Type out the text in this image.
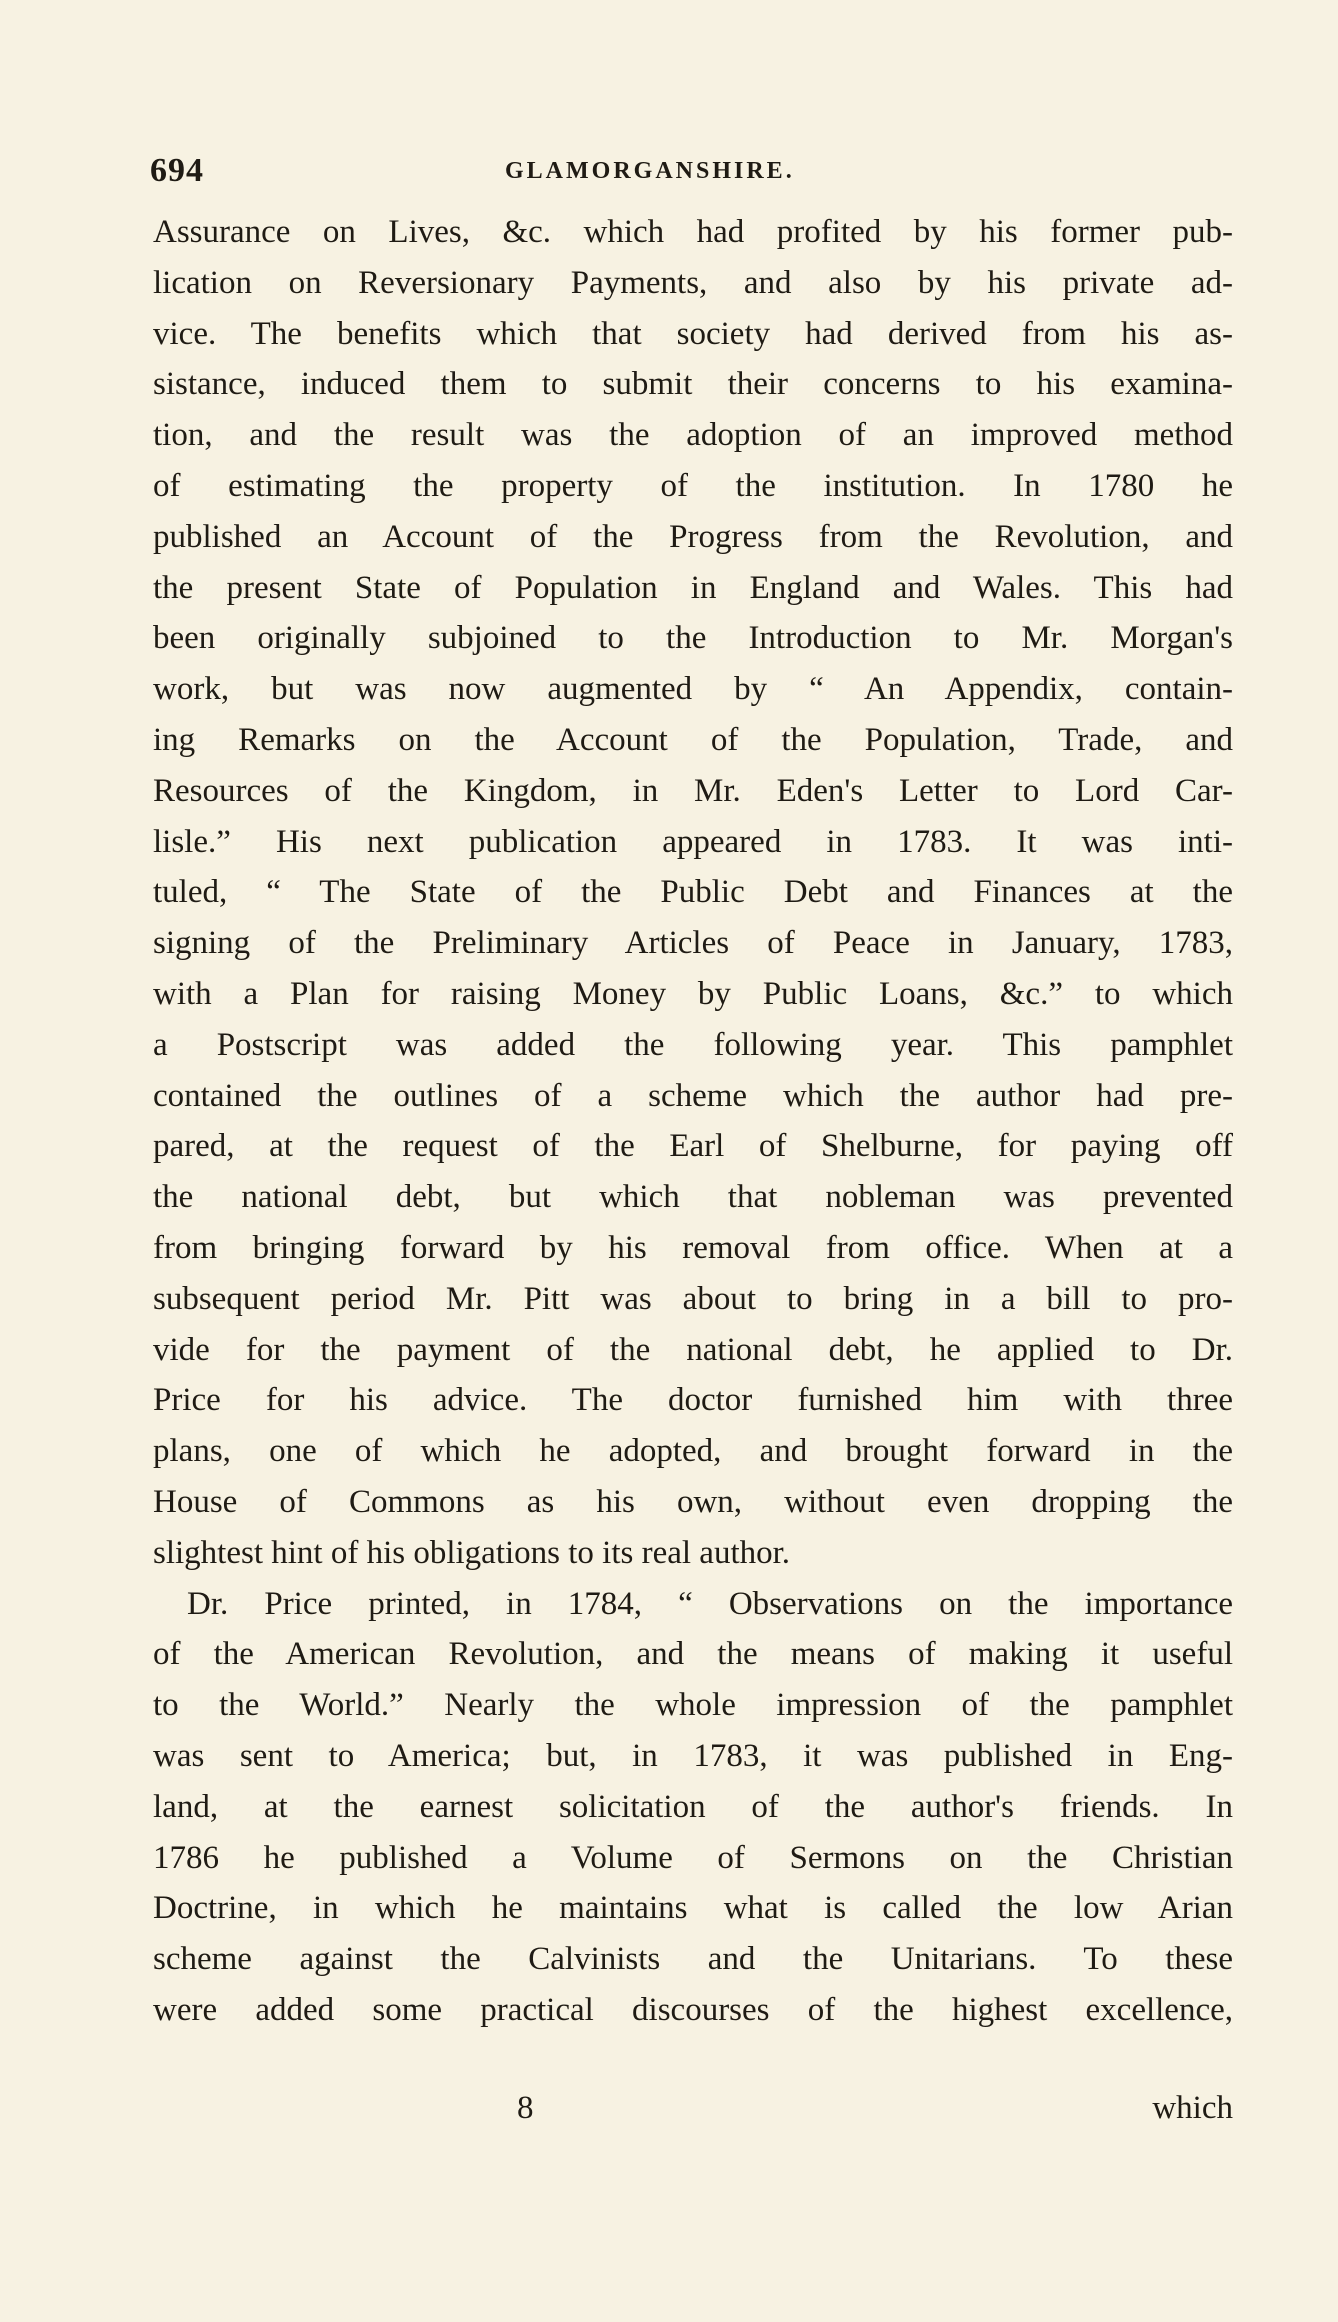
694	GLAMORGANSHIRE.
Assurance on Lives, &c. which had profited by his former pub-
lication on Reversionary Payments, and also by his private ad-
vice. The benefits which that society had derived from his as-
sistance, induced them to submit their concerns to his examina-
tion, and the result was the adoption of an improved method
of estimating the property of the institution. In 1780 he
published an Account of the Progress from the Revolution, and
the present State of Population in England and Wales. This had
been originally subjoined to the Introduction to Mr. Morgan's
work, but was now augmented by “ An Appendix, contain-
ing Remarks on the Account of the Population, Trade, and
Resources of the Kingdom, in Mr. Eden's Letter to Lord Car-
lisle.” His next publication appeared in 1783. It was inti-
tuled, “ The State of the Public Debt and Finances at the
signing of the Preliminary Articles of Peace in January, 1783,
with a Plan for raising Money by Public Loans, &c.” to which
a Postscript was added the following year. This pamphlet
contained the outlines of a scheme which the author had pre-
pared, at the request of the Earl of Shelburne, for paying off
the national debt, but which that nobleman was prevented
from bringing forward by his removal from office. When at a
subsequent period Mr. Pitt was about to bring in a bill to pro-
vide for the payment of the national debt, he applied to Dr.
Price for his advice. The doctor furnished him with three
plans, one of which he adopted, and brought forward in the
House of Commons as his own, without even dropping the
slightest hint of his obligations to its real author.
Dr. Price printed, in 1784, “ Observations on the importance
of the American Revolution, and the means of making it useful
to the World.” Nearly the whole impression of the pamphlet
was sent to America; but, in 1783, it was published in Eng-
land, at the earnest solicitation of the author's friends. In
1786 he published a Volume of Sermons on the Christian
Doctrine, in which he maintains what is called the low Arian
scheme against the Calvinists and the Unitarians. To these
were added some practical discourses of the highest excellence,
8	which
